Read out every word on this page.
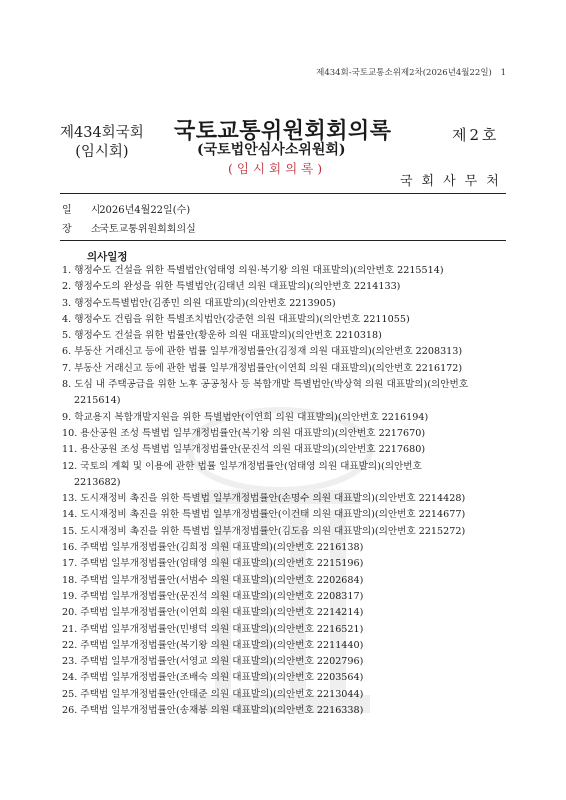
제434회-국토교통소위제2차(2026년4월22일) 1
제434회국회
(임시회)
국토교통위원회회의록
(국토법안심사소위원회)
(임시회의록)
제2호
국회사무처
일 시 2026년4월22일(수)
장 소 국토교통위원회회의실
의사일정
1. 행정수도 건설을 위한 특별법안(엄태영 의원·복기왕 의원 대표발의)(의안번호 2215514)
2. 행정수도의 완성을 위한 특별법안(김태년 의원 대표발의)(의안번호 2214133)
3. 행정수도특별법안(김종민 의원 대표발의)(의안번호 2213905)
4. 행정수도 건립을 위한 특별조치법안(강준현 의원 대표발의)(의안번호 2211055)
5. 행정수도 건설을 위한 법률안(황운하 의원 대표발의)(의안번호 2210318)
6. 부동산 거래신고 등에 관한 법률 일부개정법률안(김정재 의원 대표발의)(의안번호 2208313)
7. 부동산 거래신고 등에 관한 법률 일부개정법률안(이연희 의원 대표발의)(의안번호 2216172)
8. 도심 내 주택공급을 위한 노후 공공청사 등 복합개발 특별법안(박상혁 의원 대표발의)(의안번호
2215614)
9. 학교용지 복합개발지원을 위한 특별법안(이연희 의원 대표발의)(의안번호 2216194)
10. 용산공원 조성 특별법 일부개정법률안(복기왕 의원 대표발의)(의안번호 2217670)
11. 용산공원 조성 특별법 일부개정법률안(문진석 의원 대표발의)(의안번호 2217680)
12. 국토의 계획 및 이용에 관한 법률 일부개정법률안(엄태영 의원 대표발의)(의안번호
2213682)
13. 도시재정비 촉진을 위한 특별법 일부개정법률안(손명수 의원 대표발의)(의안번호 2214428)
14. 도시재정비 촉진을 위한 특별법 일부개정법률안(이건태 의원 대표발의)(의안번호 2214677)
15. 도시재정비 촉진을 위한 특별법 일부개정법률안(김도읍 의원 대표발의)(의안번호 2215272)
16. 주택법 일부개정법률안(김희정 의원 대표발의)(의안번호 2216138)
17. 주택법 일부개정법률안(엄태영 의원 대표발의)(의안번호 2215196)
18. 주택법 일부개정법률안(서범수 의원 대표발의)(의안번호 2202684)
19. 주택법 일부개정법률안(문진석 의원 대표발의)(의안번호 2208317)
20. 주택법 일부개정법률안(이연희 의원 대표발의)(의안번호 2214214)
21. 주택법 일부개정법률안(민병덕 의원 대표발의)(의안번호 2216521)
22. 주택법 일부개정법률안(복기왕 의원 대표발의)(의안번호 2211440)
23. 주택법 일부개정법률안(서영교 의원 대표발의)(의안번호 2202796)
24. 주택법 일부개정법률안(조배숙 의원 대표발의)(의안번호 2203564)
25. 주택법 일부개정법률안(안태준 의원 대표발의)(의안번호 2213044)
26. 주택법 일부개정법률안(송재봉 의원 대표발의)(의안번호 2216338)
